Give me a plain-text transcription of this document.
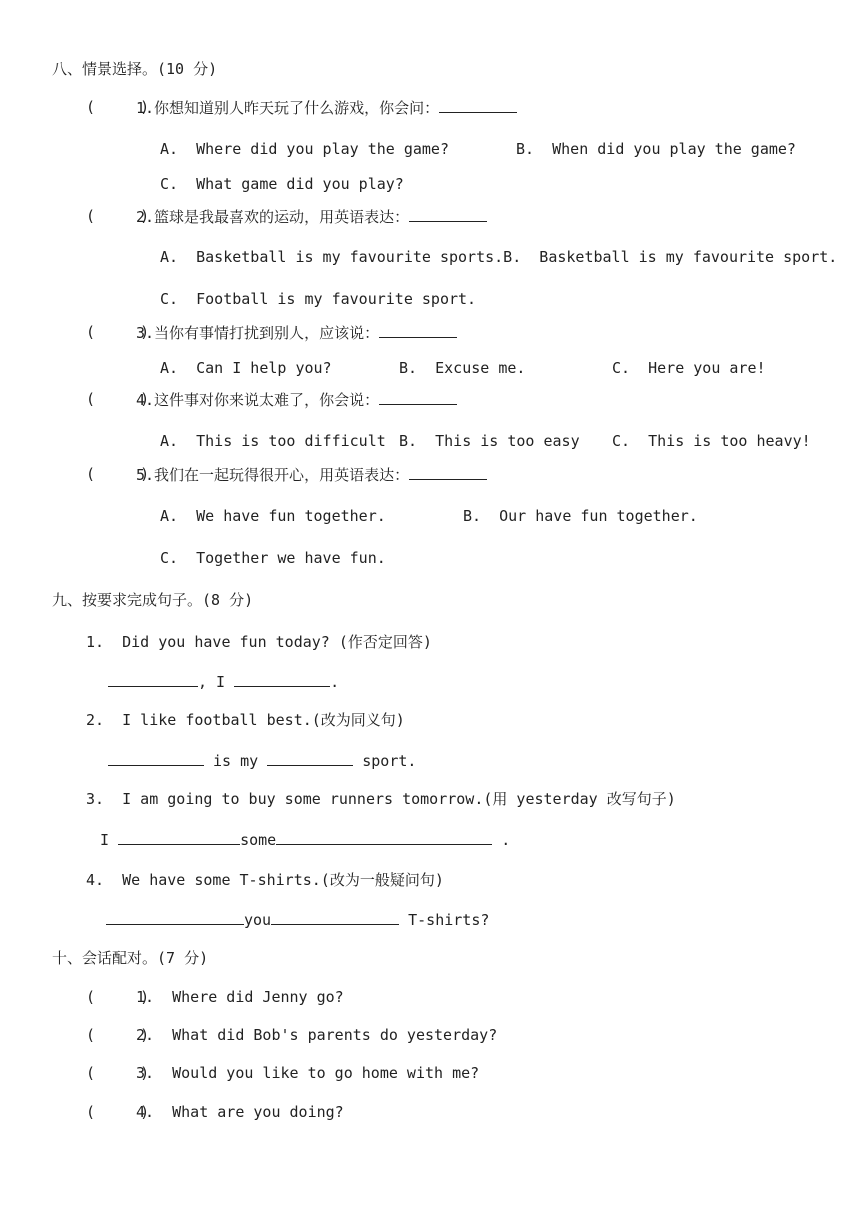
八、情景选择。(10 分)
(     )
1.你想知道别人昨天玩了什么游戏，你会问：
A.  Where did you play the game?	B.  When did you play the game?
C.  What game did you play?
(     )
2.篮球是我最喜欢的运动，用英语表达：
A.  Basketball is my favourite sports.B.  Basketball is my favourite sport.
C.  Football is my favourite sport.
(     )
3.当你有事情打扰到别人，应该说：
A.  Can I help you?	B.  Excuse me.	C.  Here you are!
(     )
4.这件事对你来说太难了，你会说：
A.  This is too difficult B.  This is too easy C.  This is too heavy!
(     )
5.我们在一起玩得很开心，用英语表达：
A.  We have fun together.	B.  Our have fun together.
C.  Together we have fun.
九、按要求完成句子。(8 分)
1.  Did you have fun today? (作否定回答)
, I	.
2.  I like football best.(改为同义句)
is my	sport.
3.  I am going to buy some runners tomorrow.(用 yesterday 改写句子)
I	some	.
4.  We have some T-shirts.(改为一般疑问句)
you	T-shirts?
十、会话配对。(7 分)
(     )
1.  Where did Jenny go?
(     )
2.  What did Bob's parents do yesterday?
(     )
3.  Would you like to go home with me?
(     )
4.  What are you doing?
